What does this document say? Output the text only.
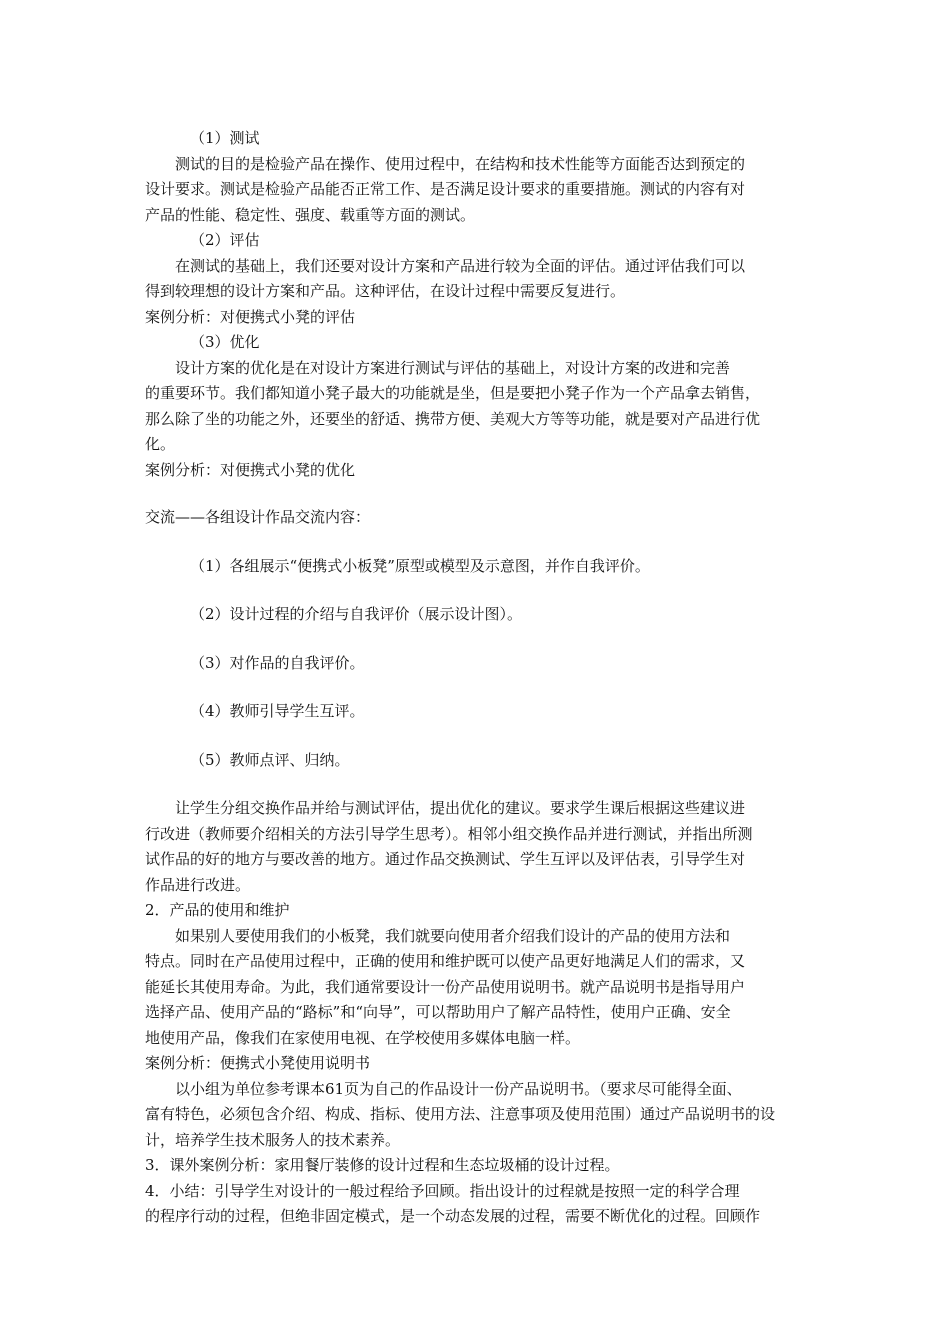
（1）测试
测试的目的是检验产品在操作、使用过程中，在结构和技术性能等方面能否达到预定的
设计要求。测试是检验产品能否正常工作、是否满足设计要求的重要措施。测试的内容有对
产品的性能、稳定性、强度、载重等方面的测试。
（2）评估
在测试的基础上，我们还要对设计方案和产品进行较为全面的评估。通过评估我们可以
得到较理想的设计方案和产品。这种评估，在设计过程中需要反复进行。
案例分析：对便携式小凳的评估
（3）优化
设计方案的优化是在对设计方案进行测试与评估的基础上，对设计方案的改进和完善
的重要环节。我们都知道小凳子最大的功能就是坐，但是要把小凳子作为一个产品拿去销售，
那么除了坐的功能之外，还要坐的舒适、携带方便、美观大方等等功能，就是要对产品进行优
化。
案例分析：对便携式小凳的优化
交流——各组设计作品交流内容：
（1）各组展示“便携式小板凳”原型或模型及示意图，并作自我评价。
（2）设计过程的介绍与自我评价（展示设计图）。
（3）对作品的自我评价。
（4）教师引导学生互评。
（5）教师点评、归纳。
让学生分组交换作品并给与测试评估，提出优化的建议。要求学生课后根据这些建议进
行改进（教师要介绍相关的方法引导学生思考）。相邻小组交换作品并进行测试，并指出所测
试作品的好的地方与要改善的地方。通过作品交换测试、学生互评以及评估表，引导学生对
作品进行改进。
2．产品的使用和维护
如果别人要使用我们的小板凳，我们就要向使用者介绍我们设计的产品的使用方法和
特点。同时在产品使用过程中，正确的使用和维护既可以使产品更好地满足人们的需求，又
能延长其使用寿命。为此，我们通常要设计一份产品使用说明书。就产品说明书是指导用户
选择产品、使用产品的“路标”和“向导”，可以帮助用户了解产品特性，使用户正确、安全
地使用产品，像我们在家使用电视、在学校使用多媒体电脑一样。
案例分析：便携式小凳使用说明书
以小组为单位参考课本61页为自己的作品设计一份产品说明书。（要求尽可能得全面、
富有特色，必须包含介绍、构成、指标、使用方法、注意事项及使用范围）通过产品说明书的设
计，培养学生技术服务人的技术素养。
3．课外案例分析：家用餐厅装修的设计过程和生态垃圾桶的设计过程。
4．小结：引导学生对设计的一般过程给予回顾。指出设计的过程就是按照一定的科学合理
的程序行动的过程，但绝非固定模式，是一个动态发展的过程，需要不断优化的过程。回顾作
